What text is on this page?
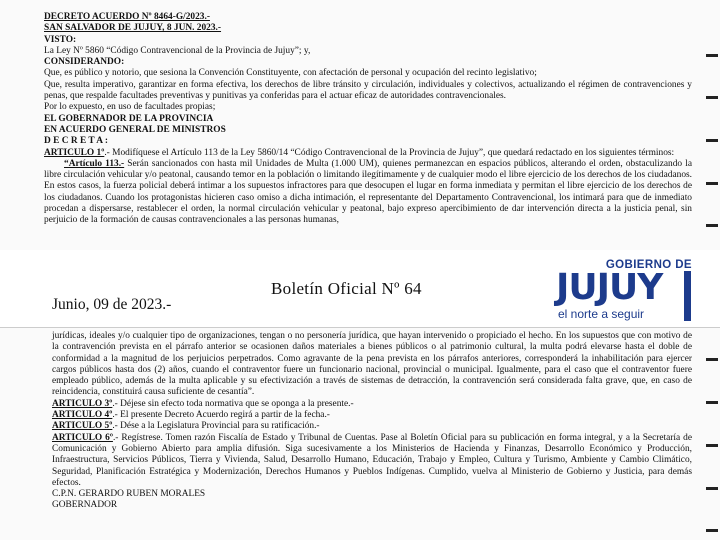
DECRETO ACUERDO Nº 8464-G/2023.-

SAN SALVADOR DE JUJUY, 8 JUN. 2023.-

VISTO:

La Ley Nº 5860 “Código Contravencional de la Provincia de Jujuy”; y,

CONSIDERANDO:

Que, es público y notorio, que sesiona la Convención Constituyente, con afectación de personal y ocupación del recinto legislativo;

Que, resulta imperativo, garantizar en forma efectiva, los derechos de libre tránsito y circulación, individuales y colectivos, actualizando el régimen de contravenciones y penas, que respalde facultades preventivas y punitivas ya conferidas para el actuar eficaz de autoridades contravencionales.

Por lo expuesto, en uso de facultades propias;

EL GOBERNADOR DE LA PROVINCIA

EN ACUERDO GENERAL DE MINISTROS

D E C R E T A :

ARTICULO 1º.- Modifíquese el Artículo 113 de la Ley 5860/14 “Código Contravencional de la Provincia de Jujuy”, que quedará redactado en los siguientes términos:

“Artículo 113.- Serán sancionados con hasta mil Unidades de Multa (1.000 UM), quienes permanezcan en espacios públicos, alterando el orden, obstaculizando la libre circulación vehicular y/o peatonal, causando temor en la población o limitando ilegítimamente y de cualquier modo el libre ejercicio de los derechos de los ciudadanos. En estos casos, la fuerza policial deberá intimar a los supuestos infractores para que desocupen el lugar en forma inmediata y permitan el libre ejercicio de los derechos de los ciudadanos. Cuando los protagonistas hicieren caso omiso a dicha intimación, el representante del Departamento Contravencional, los intimará para que de inmediato procedan a dispersarse, restablecer el orden, la normal circulación vehicular y peatonal, bajo expreso apercibimiento de dar intervención directa a la justicia penal, sin perjuicio de la formación de causas contravencionales a las personas humanas,

Junio, 09 de 2023.-
Boletín Oficial Nº 64
GOBIERNO DE
JUJUY
el norte a seguir

jurídicas, ideales y/o cualquier tipo de organizaciones, tengan o no personería jurídica, que hayan intervenido o propiciado el hecho. En los supuestos que con motivo de la contravención prevista en el párrafo anterior se ocasionen daños materiales a bienes públicos o al patrimonio cultural, la multa podrá elevarse hasta el doble de conformidad a la magnitud de los perjuicios perpetrados. Como agravante de la pena prevista en los párrafos anteriores, corresponderá la inhabilitación para ejercer cargos públicos hasta dos (2) años, cuando el contraventor fuere un funcionario nacional, provincial o municipal. Igualmente, para el caso que el contraventor fuere empleado público, además de la multa aplicable y su efectivización a través de sistemas de detracción, la contravención será considerada falta grave, que, en caso de reincidencia, constituirá causa suficiente de cesantía”.

ARTICULO 3º.- Déjese sin efecto toda normativa que se oponga a la presente.-

ARTICULO 4º.- El presente Decreto Acuerdo regirá a partir de la fecha.-

ARTICULO 5º.- Dése a la Legislatura Provincial para su ratificación.-

ARTICULO 6º.- Regístrese. Tomen razón Fiscalía de Estado y Tribunal de Cuentas. Pase al Boletín Oficial para su publicación en forma integral, y a la Secretaría de Comunicación y Gobierno Abierto para amplia difusión. Siga sucesivamente a los Ministerios de Hacienda y Finanzas, Desarrollo Económico y Producción, Infraestructura, Servicios Públicos, Tierra y Vivienda, Salud, Desarrollo Humano, Educación, Trabajo y Empleo, Cultura y Turismo, Ambiente y Cambio Climático, Seguridad, Planificación Estratégica y Modernización, Derechos Humanos y Pueblos Indígenas. Cumplido, vuelva al Ministerio de Gobierno y Justicia, para demás efectos.

C.P.N. GERARDO RUBEN MORALES

GOBERNADOR
